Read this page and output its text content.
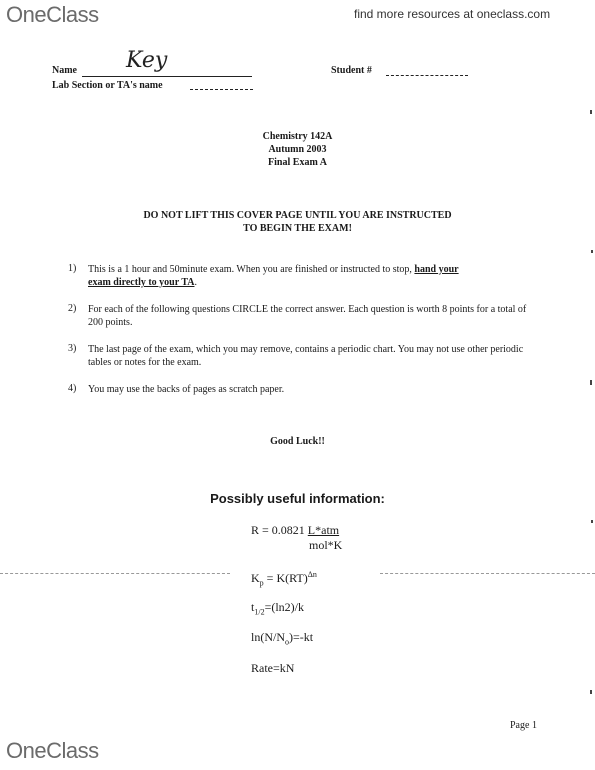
OneClass	find more resources at oneclass.com
Name Key
Lab Section or TA's name
Student #
Chemistry 142A
Autumn 2003
Final Exam A
DO NOT LIFT THIS COVER PAGE UNTIL YOU ARE INSTRUCTED
TO BEGIN THE EXAM!
1) This is a 1 hour and 50minute exam. When you are finished or instructed to stop, hand your
exam directly to your TA.
2) For each of the following questions CIRCLE the correct answer. Each question is worth 8 points for a total of 200 points.
3) The last page of the exam, which you may remove, contains a periodic chart. You may not use other periodic tables or notes for the exam.
4) You may use the backs of pages as scratch paper.
Good Luck!!
Possibly useful information:
R = 0.0821 L*atm
mol*K
$K_p = K(RT)^{\Delta n}$
$t_{1/2}=(\ln 2)/k$
$\ln(N/N_o)=-kt$
Rate=kN
Page 1
OneClass
